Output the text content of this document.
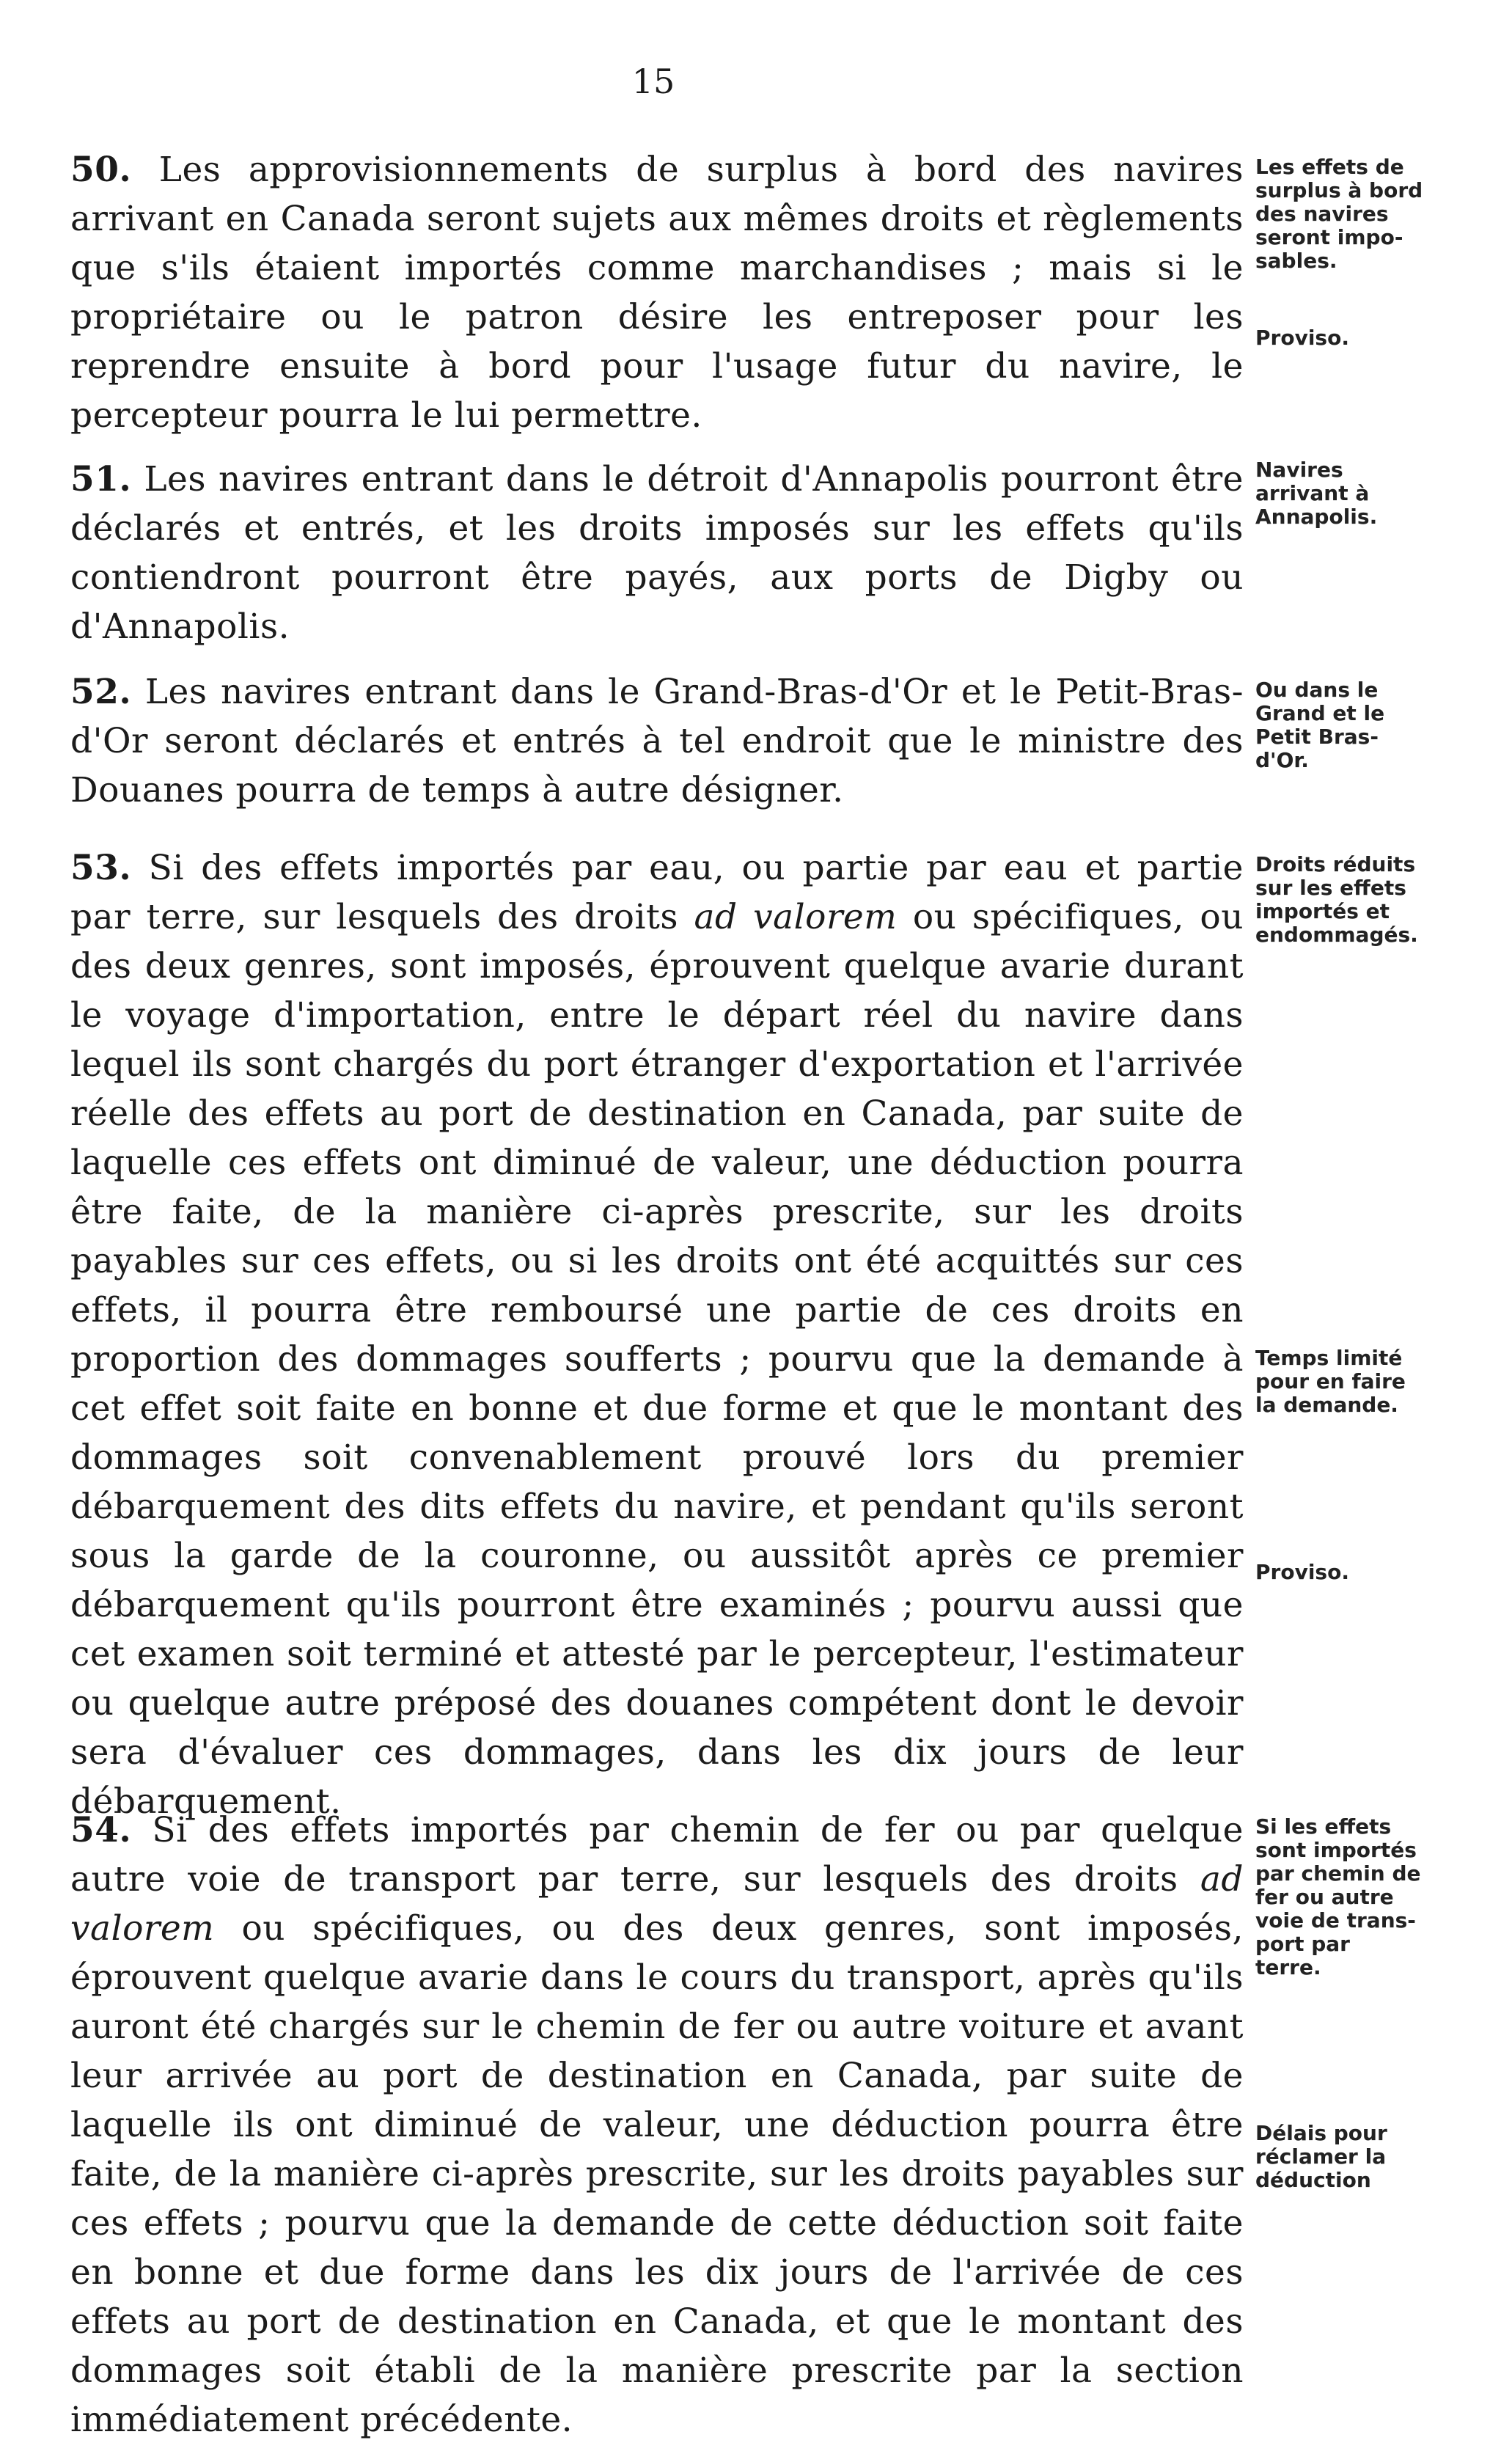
15

50. Les approvisionnements de surplus à bord des navires arrivant en Canada seront sujets aux mêmes droits et règlements que s'ils étaient importés comme marchandises ; mais si le propriétaire ou le patron désire les entreposer pour les reprendre ensuite à bord pour l'usage futur du navire, le percepteur pourra le lui permettre.

51. Les navires entrant dans le détroit d'Annapolis pourront être déclarés et entrés, et les droits imposés sur les effets qu'ils contiendront pourront être payés, aux ports de Digby ou d'Annapolis.

52. Les navires entrant dans le Grand-Bras-d'Or et le Petit-Bras-d'Or seront déclarés et entrés à tel endroit que le ministre des Douanes pourra de temps à autre désigner.

53. Si des effets importés par eau, ou partie par eau et partie par terre, sur lesquels des droits ad valorem ou spécifiques, ou des deux genres, sont imposés, éprouvent quelque avarie durant le voyage d'importation, entre le départ réel du navire dans lequel ils sont chargés du port étranger d'exportation et l'arrivée réelle des effets au port de destination en Canada, par suite de laquelle ces effets ont diminué de valeur, une déduction pourra être faite, de la manière ci-après prescrite, sur les droits payables sur ces effets, ou si les droits ont été acquittés sur ces effets, il pourra être remboursé une partie de ces droits en proportion des dommages soufferts ; pourvu que la demande à cet effet soit faite en bonne et due forme et que le montant des dommages soit convenablement prouvé lors du premier débarquement des dits effets du navire, et pendant qu'ils seront sous la garde de la couronne, ou aussitôt après ce premier débarquement qu'ils pourront être examinés ; pourvu aussi que cet examen soit terminé et attesté par le percepteur, l'estimateur ou quelque autre préposé des douanes compétent dont le devoir sera d'évaluer ces dommages, dans les dix jours de leur débarquement.

54. Si des effets importés par chemin de fer ou par quelque autre voie de transport par terre, sur lesquels des droits ad valorem ou spécifiques, ou des deux genres, sont imposés, éprouvent quelque avarie dans le cours du transport, après qu'ils auront été chargés sur le chemin de fer ou autre voiture et avant leur arrivée au port de destination en Canada, par suite de laquelle ils ont diminué de valeur, une déduction pourra être faite, de la manière ci-après prescrite, sur les droits payables sur ces effets ; pourvu que la demande de cette déduction soit faite en bonne et due forme dans les dix jours de l'arrivée de ces effets au port de destination en Canada, et que le montant des dommages soit établi de la manière prescrite par la section immédiatement précédente.

Les effets de
surplus à bord
des navires
seront impo-
sables.
Proviso.
Navires
arrivant à
Annapolis.
Ou dans le
Grand et le
Petit Bras-
d'Or.
Droits réduits
sur les effets
importés et
endommagés.
Temps limité
pour en faire
la demande.
Proviso.
Si les effets
sont importés
par chemin de
fer ou autre
voie de trans-
port par
terre.
Délais pour
réclamer la
déduction
